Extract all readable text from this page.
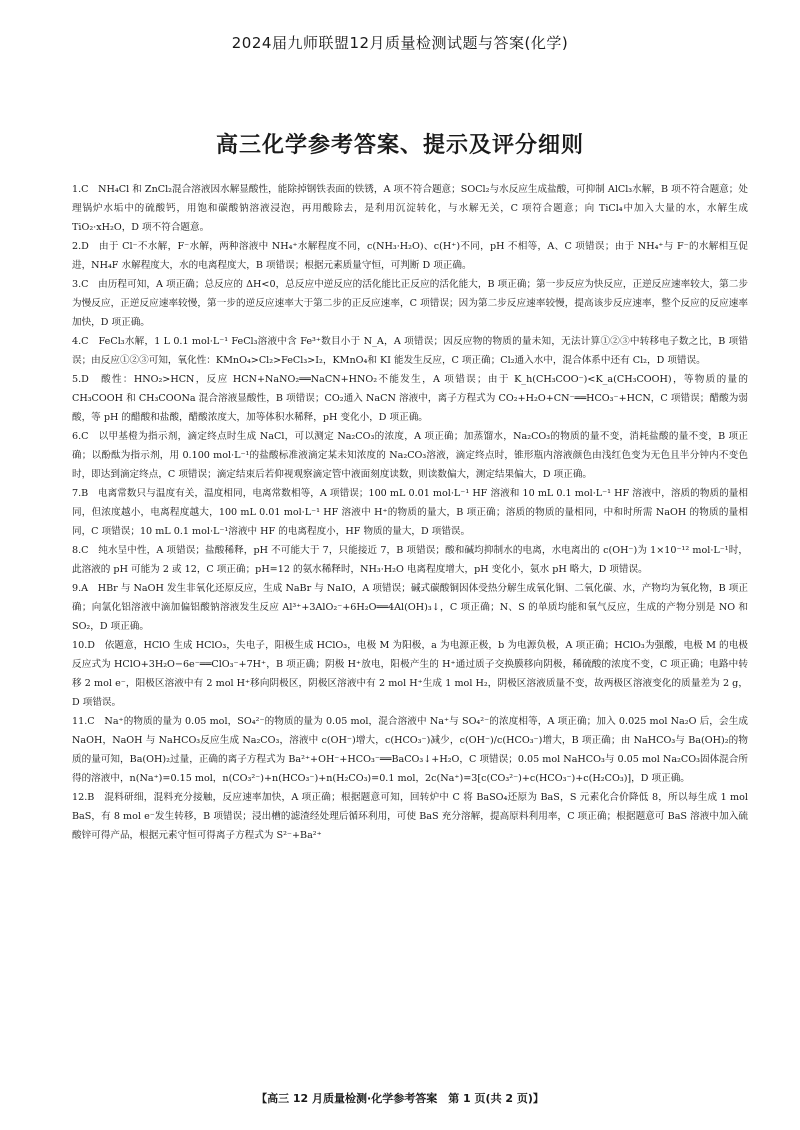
2024届九师联盟12月质量检测试题与答案(化学)
高三化学参考答案、提示及评分细则

1.C　 NH₄Cl 和 ZnCl₂混合溶液因水解显酸性，能除掉钢铁表面的铁锈，A 项不符合题意；SOCl₂与水反应生成盐酸，可抑制 AlCl₃水解，B 项不符合题意；处理锅炉水垢中的硫酸钙，用饱和碳酸钠溶液浸泡，再用酸除去，是利用沉淀转化，与水解无关，C 项符合题意；向 TiCl₄中加入大量的水，水解生成 TiO₂·xH₂O，D 项不符合题意。

2.D　 由于 Cl⁻不水解，F⁻水解，两种溶液中 NH₄⁺水解程度不同，c(NH₃·H₂O)、c(H⁺)不同，pH 不相等，A、C 项错误；由于 NH₄⁺与 F⁻的水解相互促进，NH₄F 水解程度大，水的电离程度大，B 项错误；根据元素质量守恒，可判断 D 项正确。

3.C　 由历程可知，A 项正确；总反应的 ΔH<0，总反应中逆反应的活化能比正反应的活化能大，B 项正确；第一步反应为快反应，正逆反应速率较大，第二步为慢反应，正逆反应速率较慢，第一步的逆反应速率大于第二步的正反应速率，C 项错误；因为第二步反应速率较慢，提高该步反应速率，整个反应的反应速率加快，D 项正确。

4.C　 FeCl₃水解，1 L 0.1 mol·L⁻¹ FeCl₃溶液中含 Fe³⁺数目小于 N_A，A 项错误；因反应物的物质的量未知，无法计算①②③中转移电子数之比，B 项错误；由反应①②③可知，氧化性：KMnO₄>Cl₂>FeCl₃>I₂，KMnO₄和 KI 能发生反应，C 项正确；Cl₂通入水中，混合体系中还有 Cl₂，D 项错误。

5.D　 酸性：HNO₂>HCN，反应 HCN+NaNO₂══NaCN+HNO₂不能发生，A 项错误；由于 K_h(CH₃COO⁻)<K_a(CH₃COOH)，等物质的量的 CH₃COOH 和 CH₃COONa 混合溶液显酸性，B 项错误；CO₂通入 NaCN 溶液中，离子方程式为 CO₂+H₂O+CN⁻══HCO₃⁻+HCN，C 项错误；醋酸为弱酸，等 pH 的醋酸和盐酸，醋酸浓度大，加等体积水稀释，pH 变化小，D 项正确。

6.C　 以甲基橙为指示剂，滴定终点时生成 NaCl，可以测定 Na₂CO₃的浓度，A 项正确；加蒸馏水，Na₂CO₃的物质的量不变，消耗盐酸的量不变，B 项正确；以酚酞为指示剂，用 0.100 mol·L⁻¹的盐酸标准液滴定某未知浓度的 Na₂CO₃溶液，滴定终点时，锥形瓶内溶液颜色由浅红色变为无色且半分钟内不变色时，即达到滴定终点，C 项错误；滴定结束后若仰视观察滴定管中液面刻度读数，则读数偏大，测定结果偏大，D 项正确。

7.B　 电离常数只与温度有关，温度相同，电离常数相等，A 项错误；100 mL 0.01 mol·L⁻¹ HF 溶液和 10 mL 0.1 mol·L⁻¹ HF 溶液中，溶质的物质的量相同，但浓度越小，电离程度越大，100 mL 0.01 mol·L⁻¹ HF 溶液中 H⁺的物质的量大，B 项正确；溶质的物质的量相同，中和时所需 NaOH 的物质的量相同，C 项错误；10 mL 0.1 mol·L⁻¹溶液中 HF 的电离程度小，HF 物质的量大，D 项错误。

8.C　 纯水呈中性，A 项错误；盐酸稀释，pH 不可能大于 7，只能接近 7，B 项错误；酸和碱均抑制水的电离，水电离出的 c(OH⁻)为 1×10⁻¹² mol·L⁻¹时，此溶液的 pH 可能为 2 或 12，C 项正确；pH=12 的氨水稀释时，NH₃·H₂O 电离程度增大，pH 变化小，氨水 pH 略大，D 项错误。

9.A　 HBr 与 NaOH 发生非氧化还原反应，生成 NaBr 与 NaIO，A 项错误；碱式碳酸铜因体受热分解生成氧化铜、二氧化碳、水，产物均为氧化物，B 项正确；向氯化铝溶液中滴加偏铝酸钠溶液发生反应 Al³⁺+3AlO₂⁻+6H₂O══4Al(OH)₃↓，C 项正确；N、S 的单质均能和氧气反应，生成的产物分别是 NO 和 SO₂，D 项正确。

10.D　 依题意，HClO 生成 HClO₃，失电子，阳极生成 HClO₃，电极 M 为阳极，a 为电源正极，b 为电源负极，A 项正确；HClO₃为强酸，电极 M 的电极反应式为 HClO+3H₂O−6e⁻══ClO₃⁻+7H⁺，B 项正确；阴极 H⁺放电，阳极产生的 H⁺通过质子交换膜移向阴极，稀硫酸的浓度不变，C 项正确；电路中转移 2 mol e⁻，阳极区溶液中有 2 mol H⁺移向阴极区，阴极区溶液中有 2 mol H⁺生成 1 mol H₂，阴极区溶液质量不变，故两极区溶液变化的质量差为 2 g，D 项错误。

11.C　 Na⁺的物质的量为 0.05 mol，SO₄²⁻的物质的量为 0.05 mol，混合溶液中 Na⁺与 SO₄²⁻的浓度相等，A 项正确；加入 0.025 mol Na₂O 后，会生成 NaOH，NaOH 与 NaHCO₃反应生成 Na₂CO₃，溶液中 c(OH⁻)增大，c(HCO₃⁻)减少，c(OH⁻)/c(HCO₃⁻)增大，B 项正确；由 NaHCO₃与 Ba(OH)₂的物质的量可知，Ba(OH)₂过量，正确的离子方程式为 Ba²⁺+OH⁻+HCO₃⁻══BaCO₃↓+H₂O，C 项错误；0.05 mol NaHCO₃与 0.05 mol Na₂CO₃固体混合所得的溶液中，n(Na⁺)=0.15 mol，n(CO₃²⁻)+n(HCO₃⁻)+n(H₂CO₃)=0.1 mol，2c(Na⁺)=3[c(CO₃²⁻)+c(HCO₃⁻)+c(H₂CO₃)]，D 项正确。

12.B　 混料研细，混料充分接触，反应速率加快，A 项正确；根据题意可知，回转炉中 C 将 BaSO₄还原为 BaS，S 元素化合价降低 8，所以每生成 1 mol BaS，有 8 mol e⁻发生转移，B 项错误；浸出槽的滤渣经处理后循环利用，可使 BaS 充分溶解，提高原料利用率，C 项正确；根据题意可 BaS 溶液中加入硫酸锌可得产品，根据元素守恒可得离子方程式为 S²⁻+Ba²⁺

【高三 12 月质量检测·化学参考答案　第 1 页(共 2 页)】
